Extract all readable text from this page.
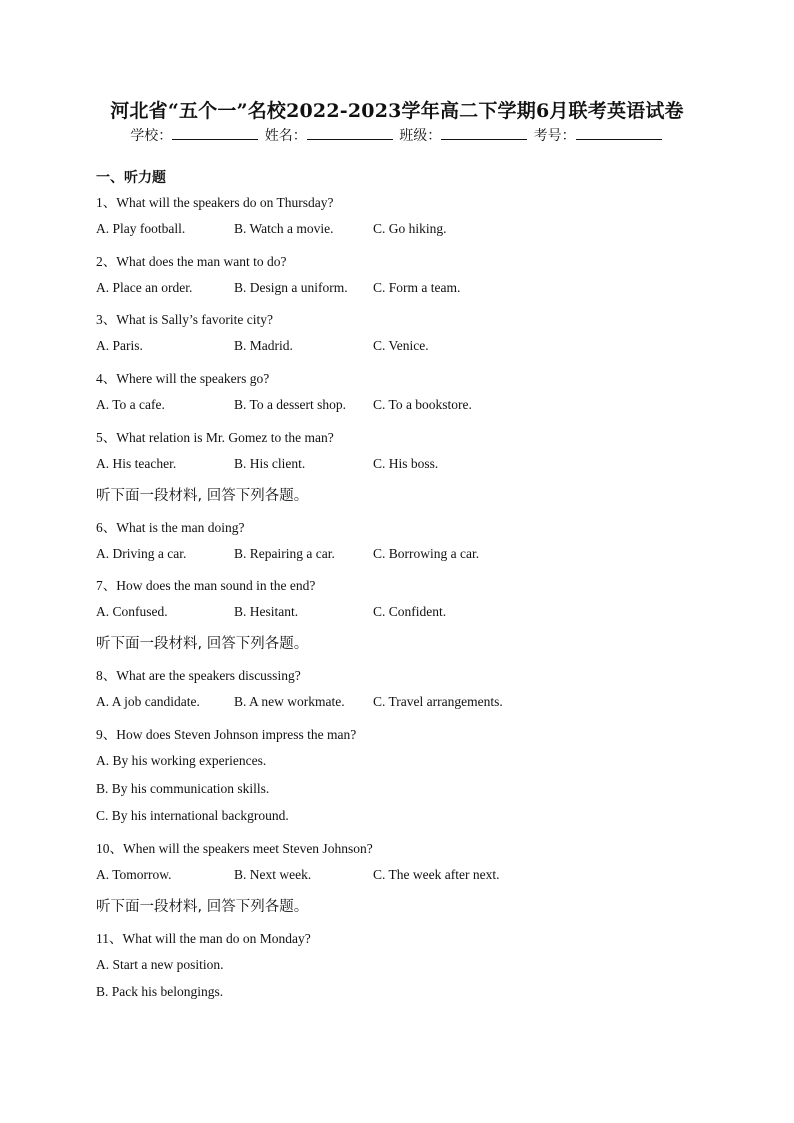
河北省“五个一”名校2022-2023学年高二下学期6月联考英语试卷
学校：	姓名：	班级：	考号：
一、听力题
1、What will the speakers do on Thursday?
A. Play football.	B. Watch a movie.	C. Go hiking.
2、What does the man want to do?
A. Place an order.	B. Design a uniform. C. Form a team.
3、What is Sally’s favorite city?
A. Paris.	B. Madrid.	C. Venice.
4、Where will the speakers go?
A. To a cafe.	B. To a dessert shop. C. To a bookstore.
5、What relation is Mr. Gomez to the man?
A. His teacher.	B. His client.	C. His boss.
听下面一段材料, 回答下列各题。
6、What is the man doing?
A. Driving a car.	B. Repairing a car.	C. Borrowing a car.
7、How does the man sound in the end?
A. Confused.	B. Hesitant.	C. Confident.
听下面一段材料, 回答下列各题。
8、What are the speakers discussing?
A. A job candidate.	B. A new workmate. C. Travel arrangements.
9、How does Steven Johnson impress the man?
A. By his working experiences.
B. By his communication skills.
C. By his international background.
10、When will the speakers meet Steven Johnson?
A. Tomorrow.	B. Next week.	C. The week after next.
听下面一段材料, 回答下列各题。
11、What will the man do on Monday?
A. Start a new position.
B. Pack his belongings.
